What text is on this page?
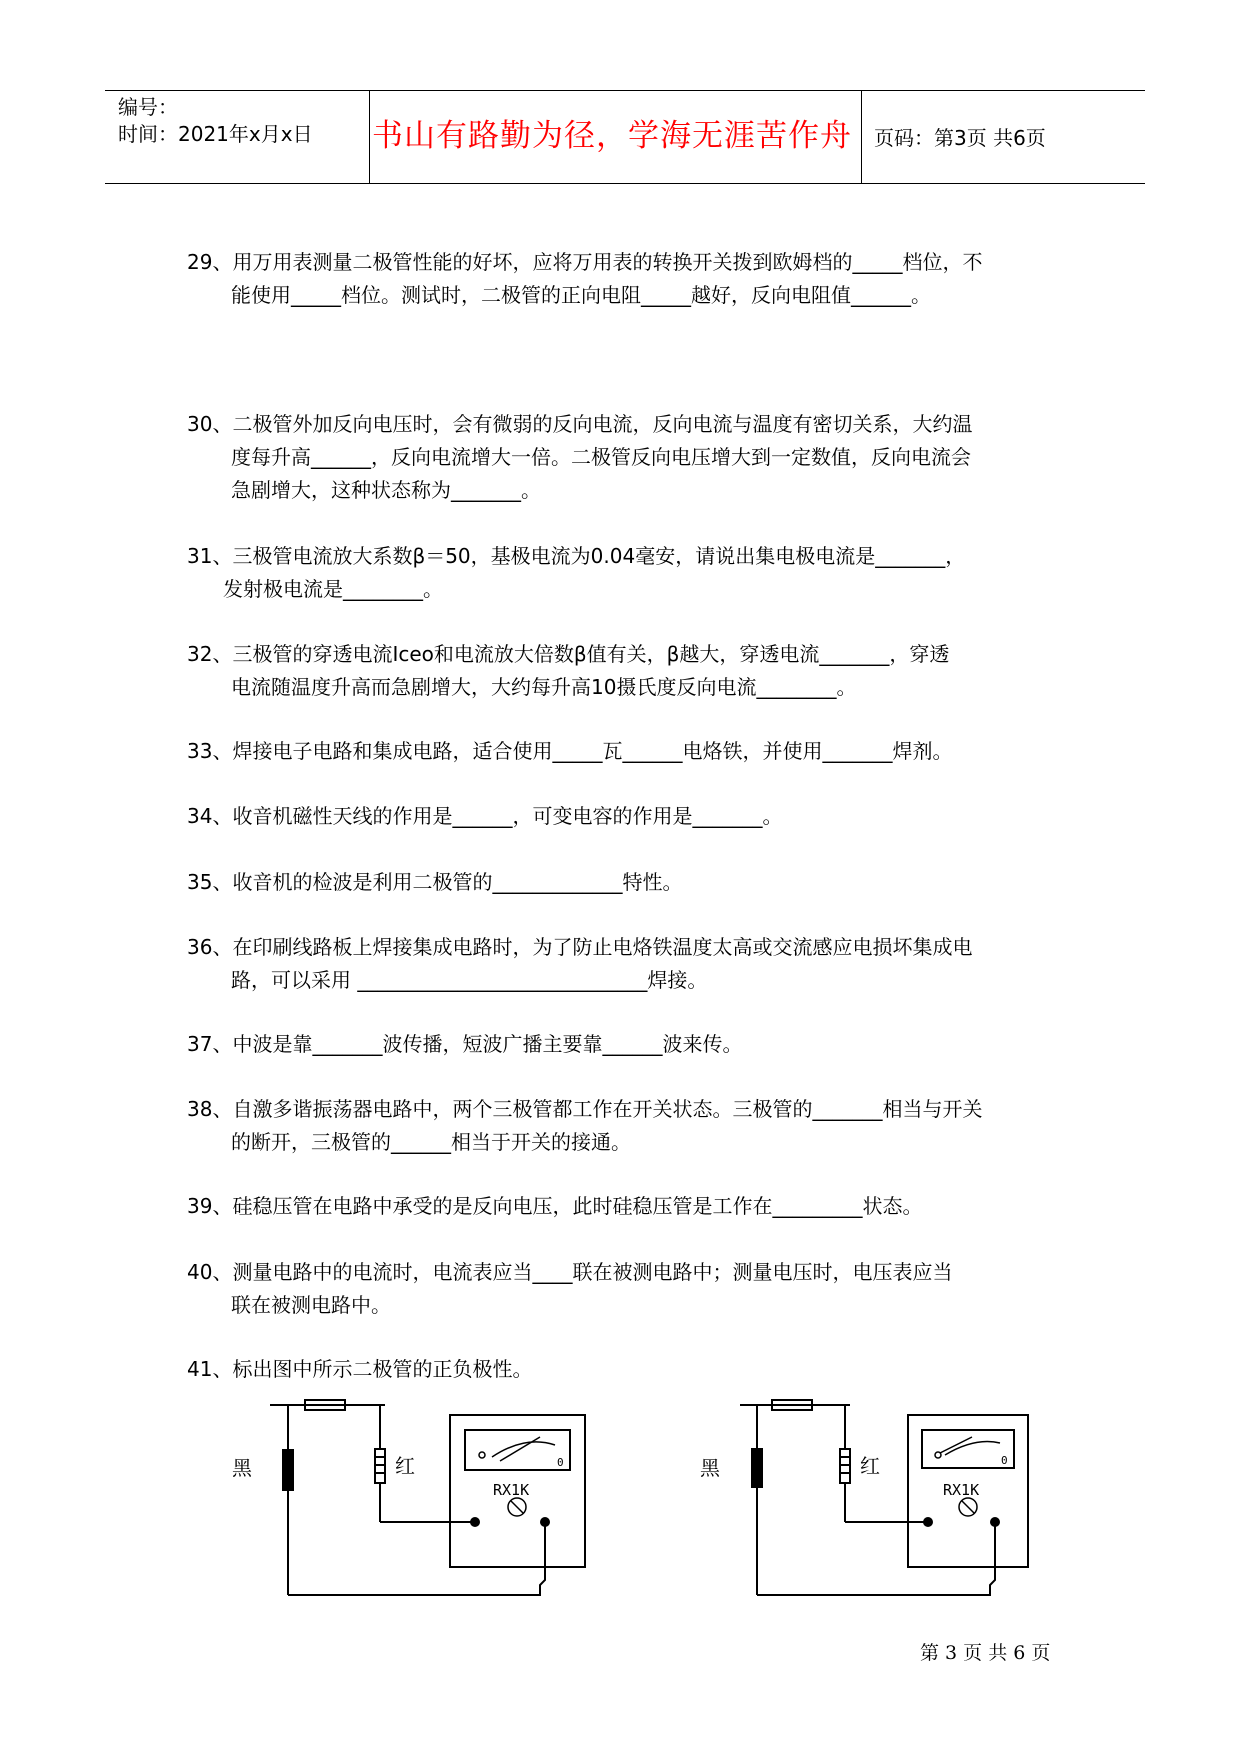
编号：
时间：2021年x月x日 书山有路勤为径，学海无涯苦作舟 页码：第3页 共6页
29、用万用表测量二极管性能的好坏，应将万用表的转换开关拨到欧姆档的_____档位，不
能使用_____档位。测试时，二极管的正向电阻_____越好，反向电阻值______。
30、二极管外加反向电压时，会有微弱的反向电流，反向电流与温度有密切关系，大约温
度每升高______，反向电流增大一倍。二极管反向电压增大到一定数值，反向电流会
急剧增大，这种状态称为_______。
31、三极管电流放大系数β＝50，基极电流为0.04毫安，请说出集电极电流是_______，
发射极电流是________。
32、三极管的穿透电流Iceo和电流放大倍数β值有关，β越大，穿透电流_______，穿透
电流随温度升高而急剧增大，大约每升高10摄氏度反向电流________。
33、焊接电子电路和集成电路，适合使用_____瓦______电烙铁，并使用_______焊剂。
34、收音机磁性天线的作用是______，可变电容的作用是_______。
35、收音机的检波是利用二极管的_____________特性。
36、在印刷线路板上焊接集成电路时，为了防止电烙铁温度太高或交流感应电损坏集成电
路，可以采用 _____________________________焊接。
37、中波是靠_______波传播，短波广播主要靠______波来传。
38、自激多谐振荡器电路中，两个三极管都工作在开关状态。三极管的_______相当与开关
的断开，三极管的______相当于开关的接通。
39、硅稳压管在电路中承受的是反向电压，此时硅稳压管是工作在_________状态。
40、测量电路中的电流时，电流表应当____联在被测电路中；测量电压时，电压表应当
联在被测电路中。
41、标出图中所示二极管的正负极性。
黑	红
RX1K
0	黑	红
RX1K
0
第 3 页 共 6 页
